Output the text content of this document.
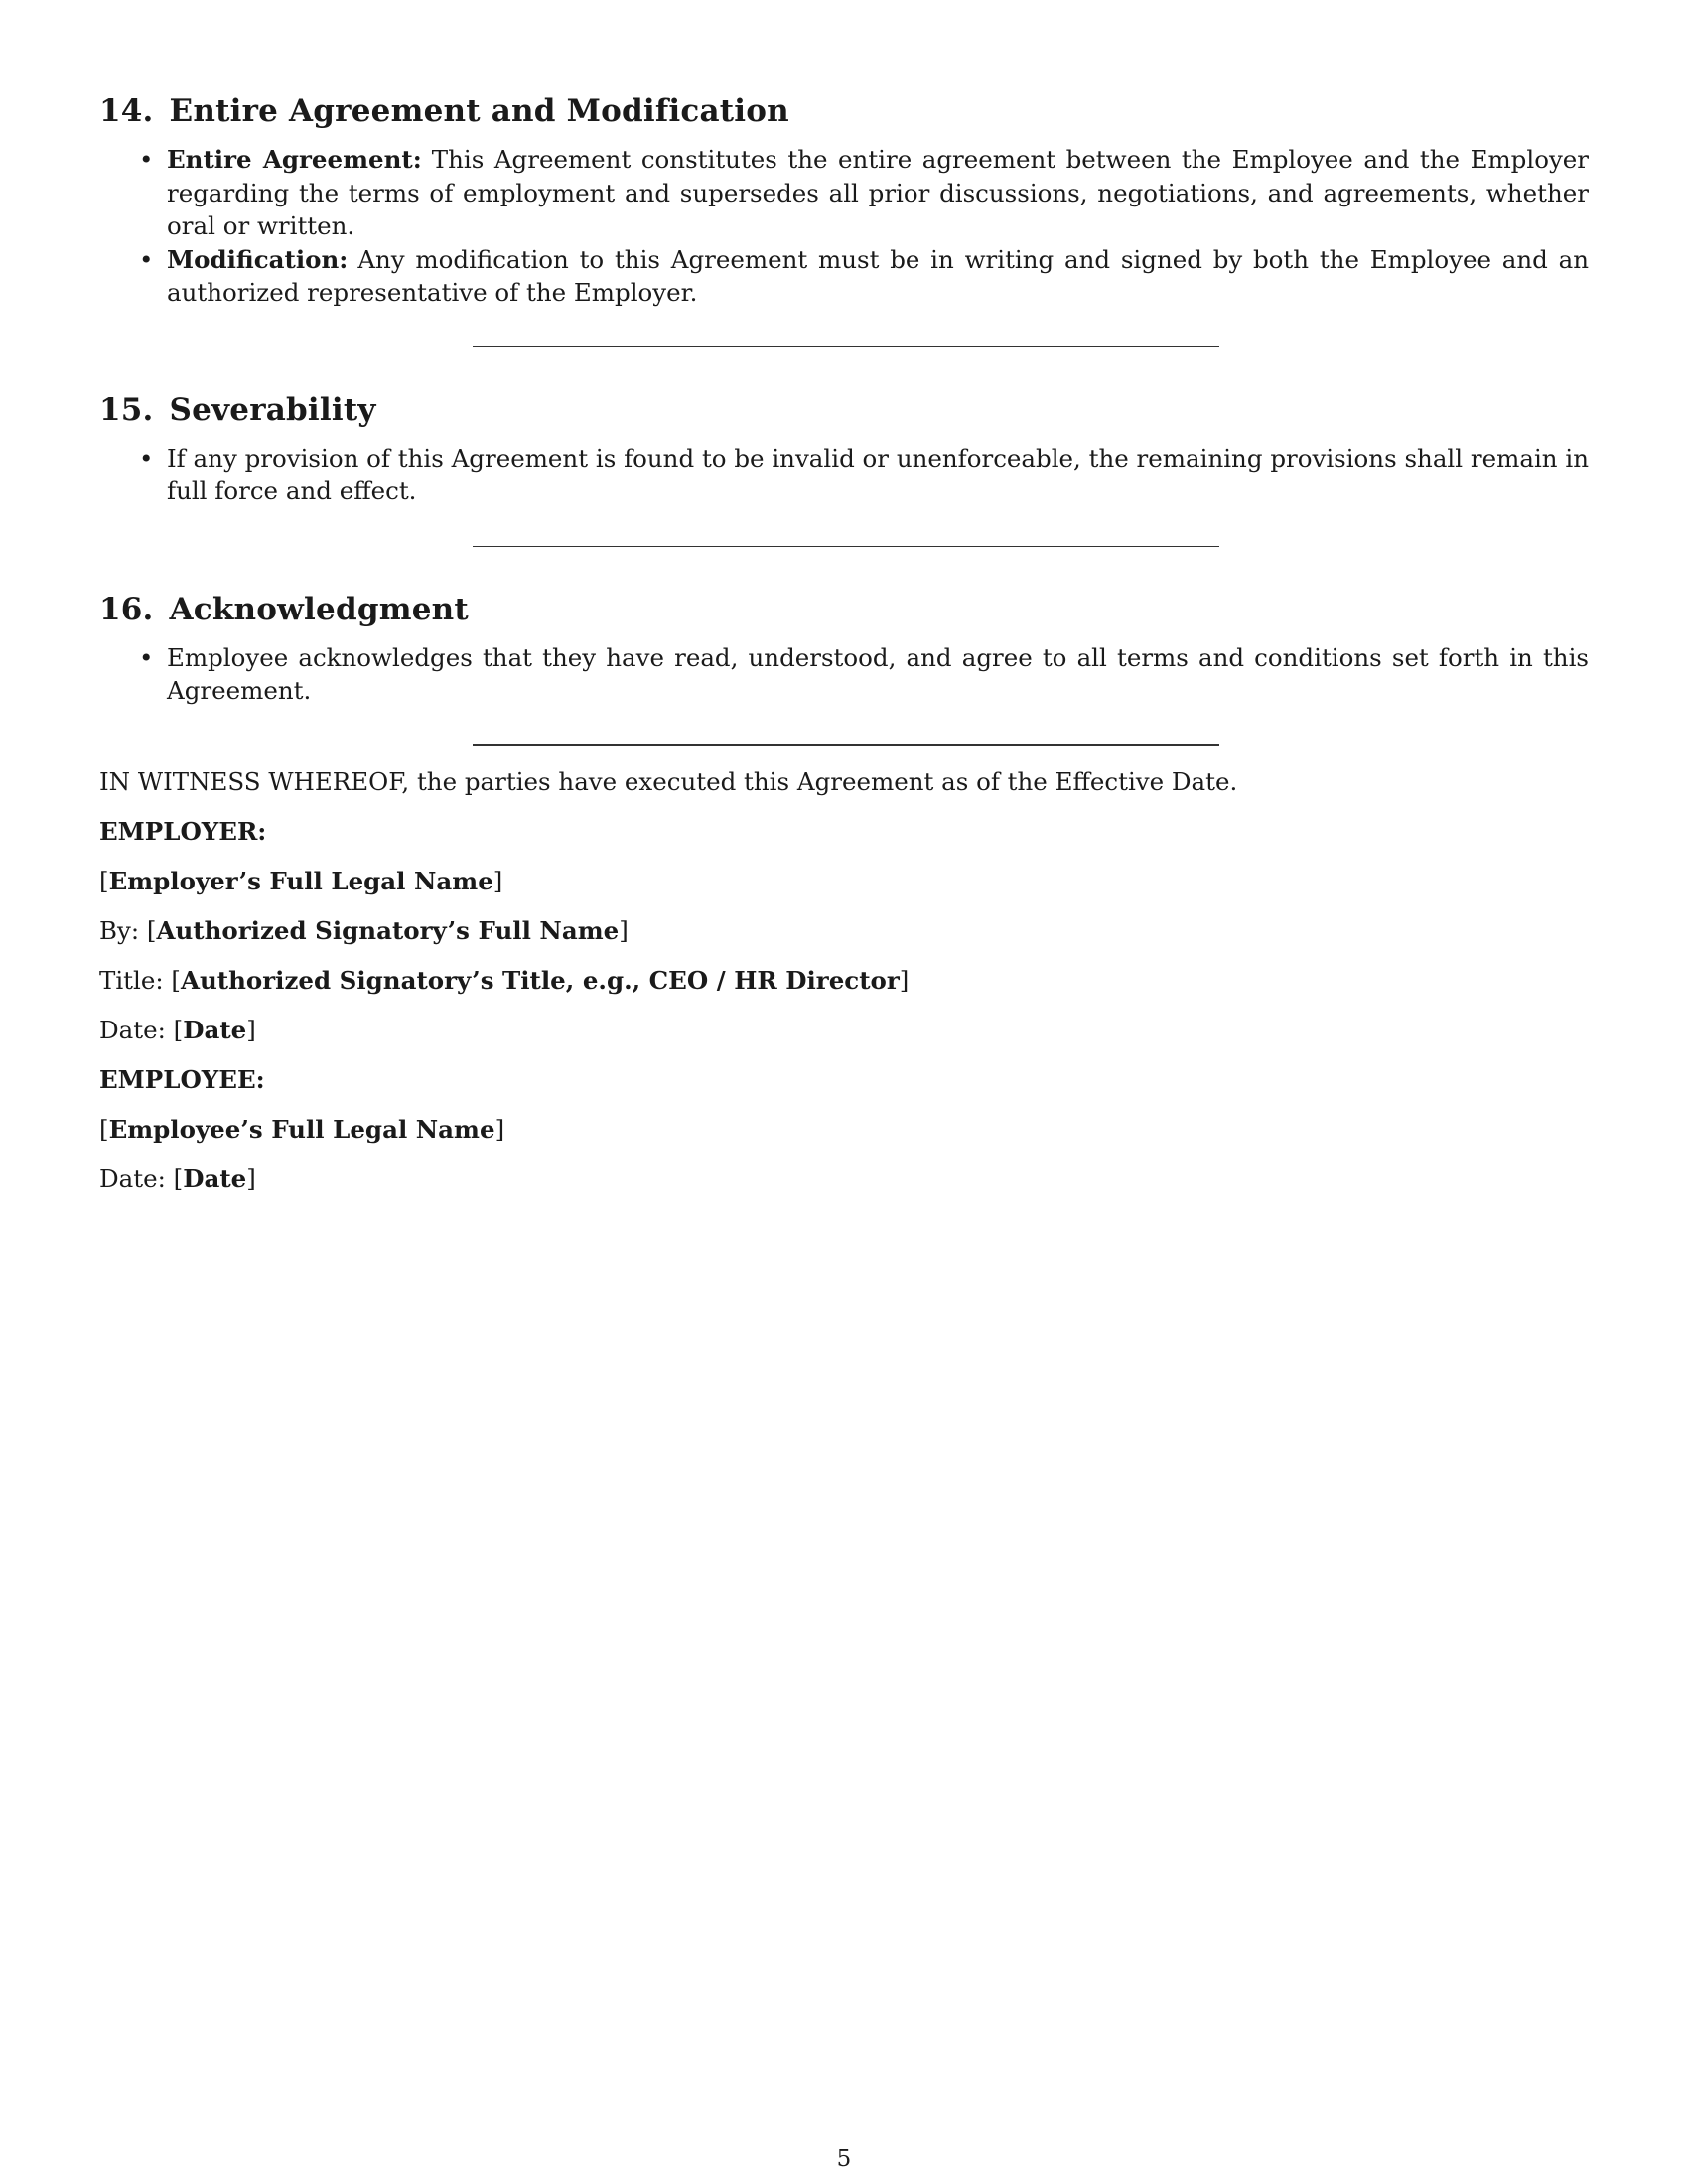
14. Entire Agreement and Modification
• Entire Agreement: This Agreement constitutes the entire agreement between the Employee and the Employer regarding the terms of employment and supersedes all prior discussions, negotiations, and agreements, whether oral or written.
• Modification: Any modification to this Agreement must be in writing and signed by both the Employee and an authorized representative of the Employer.
15. Severability
• If any provision of this Agreement is found to be invalid or unenforceable, the remaining provisions shall remain in full force and effect.
16. Acknowledgment
• Employee acknowledges that they have read, understood, and agree to all terms and conditions set forth in this Agreement.

IN WITNESS WHEREOF, the parties have executed this Agreement as of the Effective Date.

EMPLOYER:

[Employer’s Full Legal Name]

By: [Authorized Signatory’s Full Name]

Title: [Authorized Signatory’s Title, e.g., CEO / HR Director]

Date: [Date]

EMPLOYEE:

[Employee’s Full Legal Name]

Date: [Date]

5
